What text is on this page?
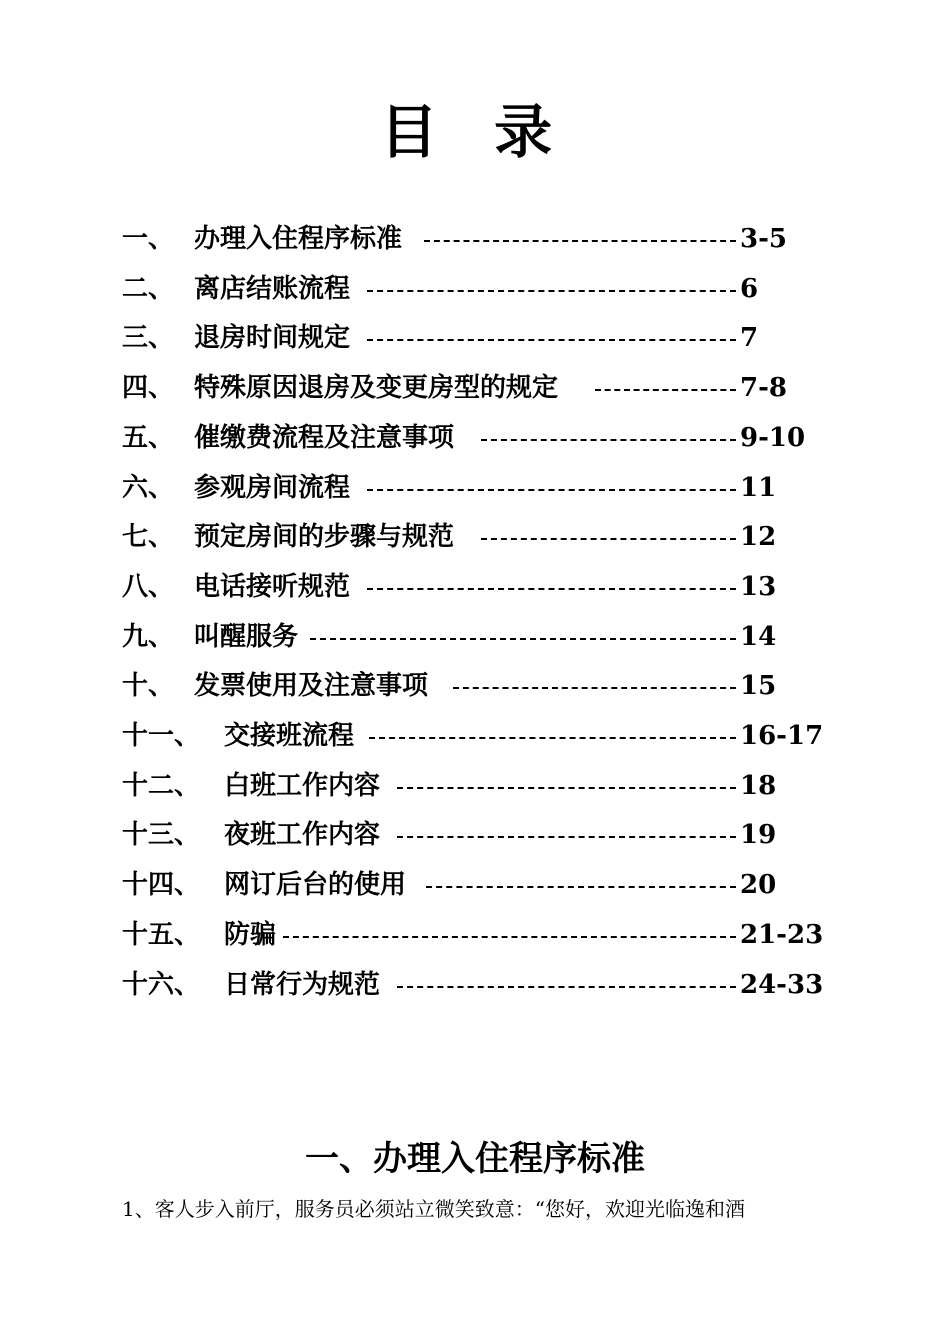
目 录
一、 办理入住程序标准	3-5
二、 离店结账流程	6
三、 退房时间规定	7
四、 特殊原因退房及变更房型的规定	7-8
五、 催缴费流程及注意事项	9-10
六、 参观房间流程	11
七、 预定房间的步骤与规范	12
八、 电话接听规范	13
九、 叫醒服务	14
十、 发票使用及注意事项	15
十一、 交接班流程	16-17
十二、 白班工作内容	18
十三、 夜班工作内容	19
十四、 网订后台的使用	20
十五、 防骗	21-23
十六、 日常行为规范	24-33
一、办理入住程序标准
1、客人步入前厅，服务员必须站立微笑致意：“您好，欢迎光临逸和酒
